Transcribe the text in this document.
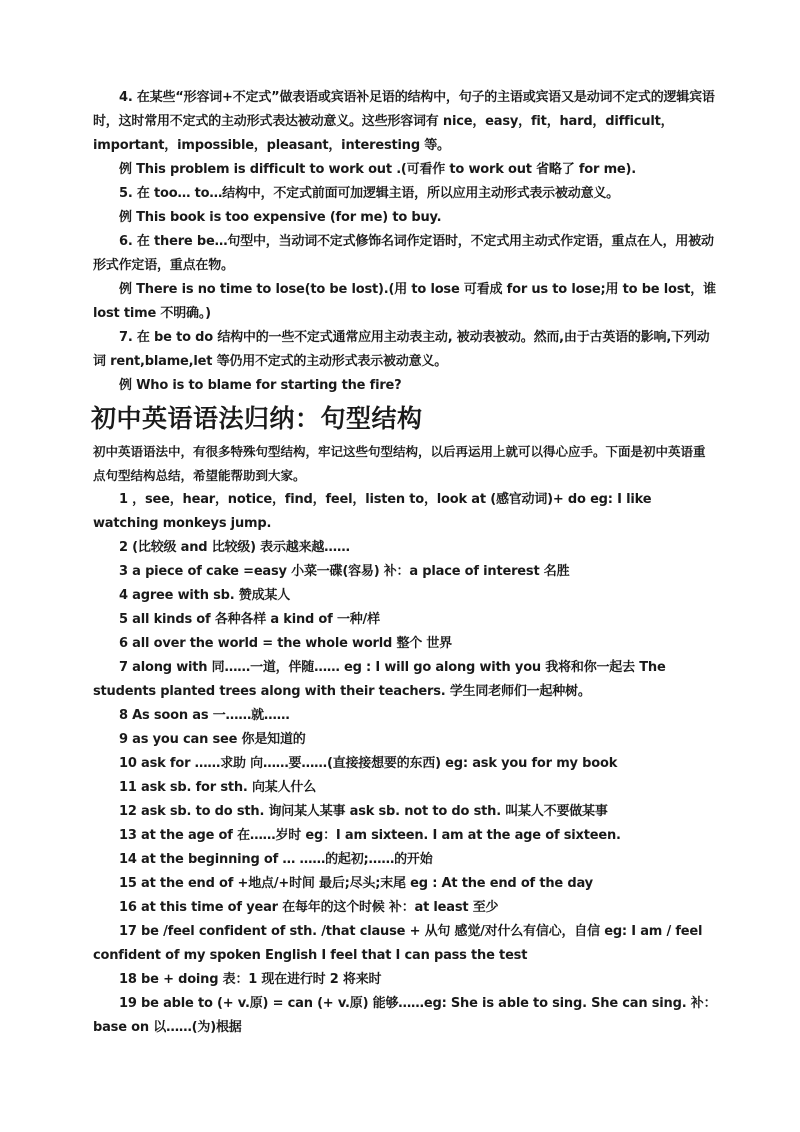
4. 在某些“形容词+不定式”做表语或宾语补足语的结构中，句子的主语或宾语又是动词不定式的逻辑宾语时，这时常用不定式的主动形式表达被动意义。这些形容词有 nice，easy，fit，hard，difficult，important，impossible，pleasant，interesting 等。

例 This problem is difficult to work out .(可看作 to work out 省略了 for me).

5. 在 too… to…结构中，不定式前面可加逻辑主语，所以应用主动形式表示被动意义。

例 This book is too expensive (for me) to buy.

6. 在 there be…句型中，当动词不定式修饰名词作定语时，不定式用主动式作定语，重点在人，用被动形式作定语，重点在物。

例 There is no time to lose(to be lost).(用 to lose 可看成 for us to lose;用 to be lost，谁 lost time 不明确。)

7. 在 be to do 结构中的一些不定式通常应用主动表主动, 被动表被动。然而,由于古英语的影响,下列动词 rent,blame,let 等仍用不定式的主动形式表示被动意义。

例 Who is to blame for starting the fire?

初中英语语法归纳：句型结构

初中英语语法中，有很多特殊句型结构，牢记这些句型结构，以后再运用上就可以得心应手。下面是初中英语重点句型结构总结，希望能帮助到大家。

1 ，see，hear，notice，find，feel，listen to，look at (感官动词)+ do eg: I like watching monkeys jump.

2 (比较级 and 比较级) 表示越来越……

3 a piece of cake =easy 小菜一碟(容易) 补：a place of interest 名胜

4 agree with sb. 赞成某人

5 all kinds of 各种各样 a kind of 一种/样

6 all over the world = the whole world 整个 世界

7 along with 同……一道，伴随…… eg : I will go along with you 我将和你一起去 The students planted trees along with their teachers. 学生同老师们一起种树。

8 As soon as 一……就……

9 as you can see 你是知道的

10 ask for ……求助 向……要……(直接接想要的东西) eg: ask you for my book

11 ask sb. for sth. 向某人什么

12 ask sb. to do sth. 询问某人某事 ask sb. not to do sth. 叫某人不要做某事

13 at the age of 在……岁时 eg：I am sixteen. I am at the age of sixteen.

14 at the beginning of … ……的起初;……的开始

15 at the end of +地点/+时间 最后;尽头;末尾 eg : At the end of the day

16 at this time of year 在每年的这个时候 补：at least 至少

17 be /feel confident of sth. /that clause + 从句 感觉/对什么有信心，自信 eg: I am / feel confident of my spoken English I feel that I can pass the test

18 be + doing 表：1 现在进行时 2 将来时

19 be able to (+ v.原) = can (+ v.原) 能够……eg: She is able to sing. She can sing. 补：base on 以……(为)根据
